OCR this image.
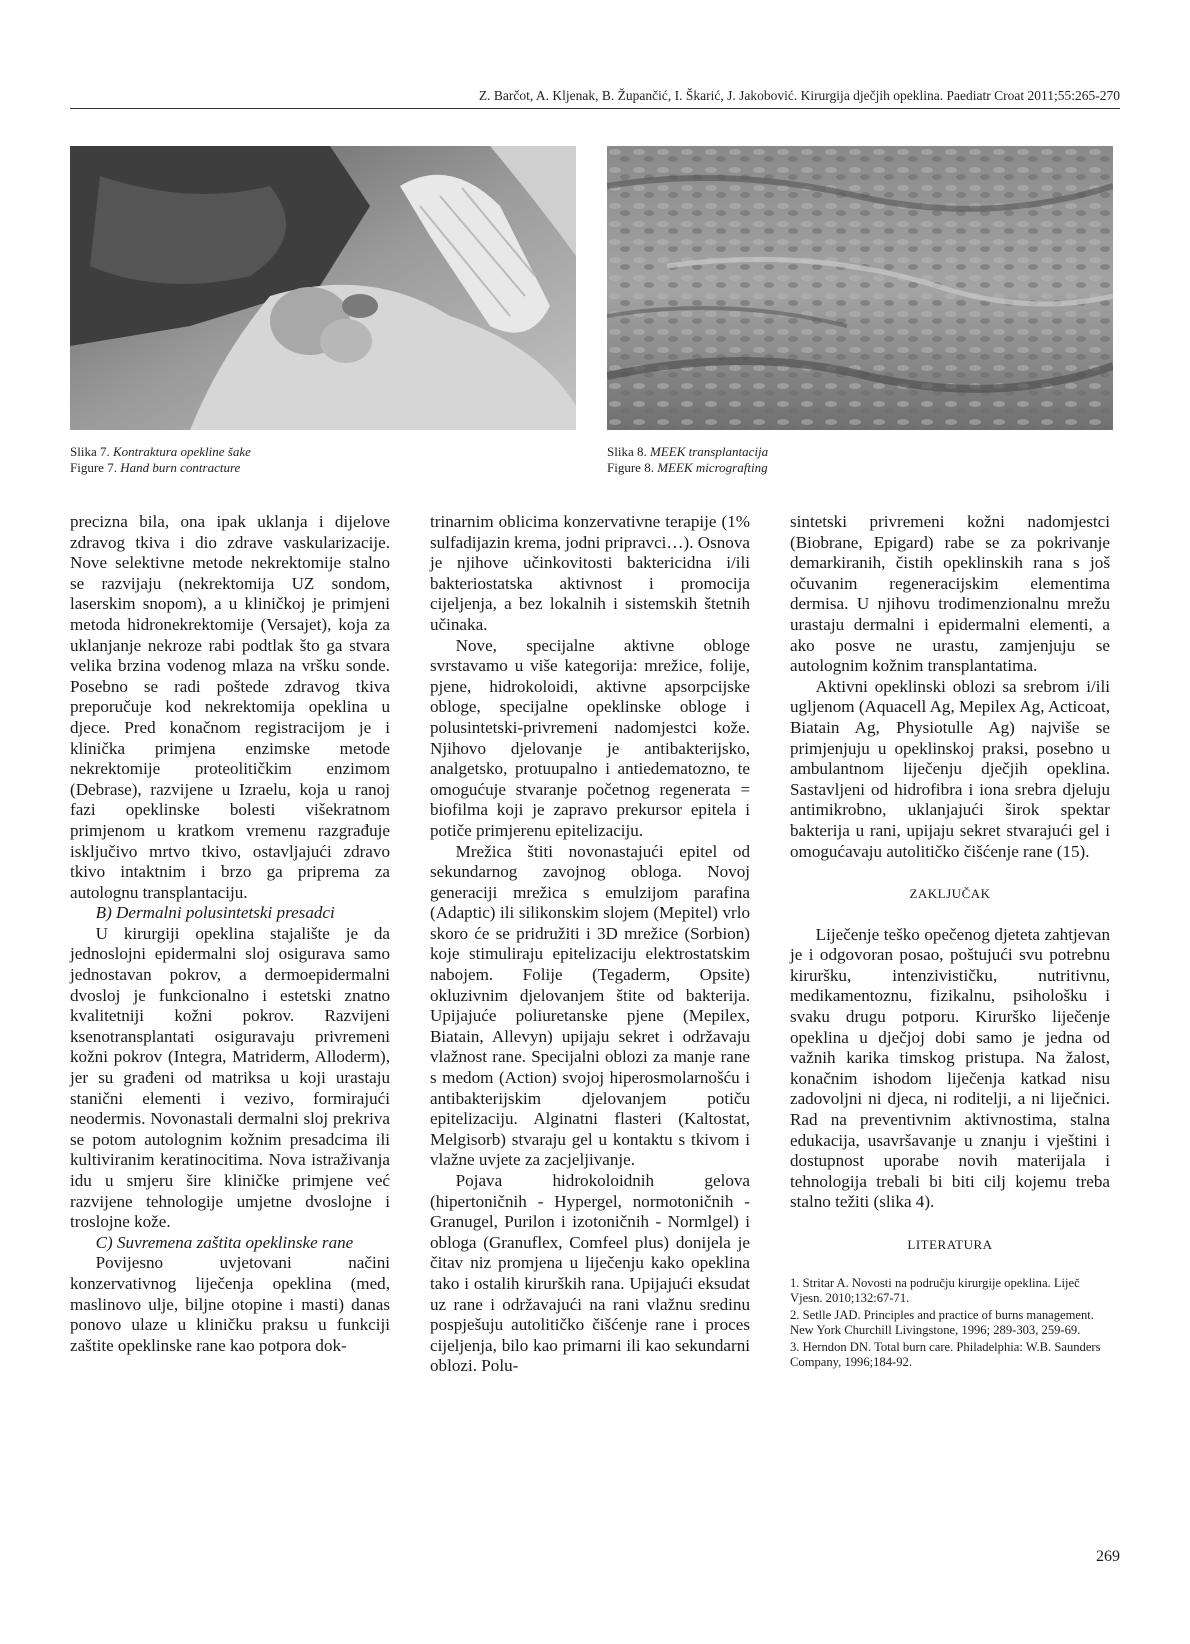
Z. Barčot, A. Kljenak, B. Župančić, I. Škarić, J. Jakobović. Kirurgija dječjih opeklina. Paediatr Croat 2011;55:265-270
Slika 7. Kontraktura opekline šake
Figure 7. Hand burn contracture
Slika 8. MEEK transplantacija
Figure 8. MEEK micrografting

precizna bila, ona ipak uklanja i dijelove zdravog tkiva i dio zdrave vaskularizacije. Nove selektivne metode nekrektomije stalno se razvijaju (nekrektomija UZ sondom, laserskim snopom), a u kliničkoj je primjeni metoda hidronekrektomije (Versajet), koja za uklanjanje nekroze rabi podtlak što ga stvara velika brzina vodenog mlaza na vršku sonde. Posebno se radi poštede zdravog tkiva preporučuje kod nekrektomija opeklina u djece. Pred konačnom registracijom je i klinička primjena enzimske metode nekrektomije proteolitičkim enzimom (Debrase), razvijene u Izraelu, koja u ranoj fazi opeklinske bolesti višekratnom primjenom u kratkom vremenu razgrađuje isključivo mrtvo tkivo, ostavljajući zdravo tkivo intaktnim i brzo ga priprema za autolognu transplantaciju.

B) Dermalni polusintetski presadci

U kirurgiji opeklina stajalište je da jednoslojni epidermalni sloj osigurava samo jednostavan pokrov, a dermoepidermalni dvosloj je funkcionalno i estetski znatno kvalitetniji kožni pokrov. Razvijeni ksenotransplantati osiguravaju privremeni kožni pokrov (Integra, Matriderm, Alloderm), jer su građeni od matriksa u koji urastaju stanični elementi i vezivo, formirajući neodermis. Novonastali dermalni sloj prekriva se potom autolognim kožnim presadcima ili kultiviranim keratinocitima. Nova istraživanja idu u smjeru šire kliničke primjene već razvijene tehnologije umjetne dvoslojne i troslojne kože.

C) Suvremena zaštita opeklinske rane

Povijesno uvjetovani načini konzervativnog liječenja opeklina (med, maslinovo ulje, biljne otopine i masti) danas ponovo ulaze u kliničku praksu u funkciji zaštite opeklinske rane kao potpora dok-

trinarnim oblicima konzervativne terapije (1% sulfadijazin krema, jodni pripravci…). Osnova je njihove učinkovitosti baktericidna i/ili bakteriostatska aktivnost i promocija cijeljenja, a bez lokalnih i sistemskih štetnih učinaka.

Nove, specijalne aktivne obloge svrstavamo u više kategorija: mrežice, folije, pjene, hidrokoloidi, aktivne apsorpcijske obloge, specijalne opeklinske obloge i polusintetski-privremeni nadomjestci kože. Njihovo djelovanje je antibakterijsko, analgetsko, protuupalno i antiedematozno, te omogućuje stvaranje početnog regenerata = biofilma koji je zapravo prekursor epitela i potiče primjerenu epitelizaciju.

Mrežica štiti novonastajući epitel od sekundarnog zavojnog obloga. Novoj generaciji mrežica s emulzijom parafina (Adaptic) ili silikonskim slojem (Mepitel) vrlo skoro će se pridružiti i 3D mrežice (Sorbion) koje stimuliraju epitelizaciju elektrostatskim nabojem. Folije (Tegaderm, Opsite) okluzivnim djelovanjem štite od bakterija. Upijajuće poliuretanske pjene (Mepilex, Biatain, Allevyn) upijaju sekret i održavaju vlažnost rane. Specijalni oblozi za manje rane s medom (Action) svojoj hiperosmolarnošću i antibakterijskim djelovanjem potiču epitelizaciju. Alginatni flasteri (Kaltostat, Melgisorb) stvaraju gel u kontaktu s tkivom i vlažne uvjete za zacjeljivanje.

Pojava hidrokoloidnih gelova (hipertoničnih - Hypergel, normotoničnih - Granugel, Purilon i izotoničnih - Normlgel) i obloga (Granuflex, Comfeel plus) donijela je čitav niz promjena u liječenju kako opeklina tako i ostalih kirurških rana. Upijajući eksudat uz rane i održavajući na rani vlažnu sredinu pospješuju autolitičko čišćenje rane i proces cijeljenja, bilo kao primarni ili kao sekundarni oblozi. Polu-

sintetski privremeni kožni nadomjestci (Biobrane, Epigard) rabe se za pokrivanje demarkiranih, čistih opeklinskih rana s još očuvanim regeneracijskim elementima dermisa. U njihovu trodimenzionalnu mrežu urastaju dermalni i epidermalni elementi, a ako posve ne urastu, zamjenjuju se autolognim kožnim transplantatima.

Aktivni opeklinski oblozi sa srebrom i/ili ugljenom (Aquacell Ag, Mepilex Ag, Acticoat, Biatain Ag, Physiotulle Ag) najviše se primjenjuju u opeklinskoj praksi, posebno u ambulantnom liječenju dječjih opeklina. Sastavljeni od hidrofibra i iona srebra djeluju antimikrobno, uklanjajući širok spektar bakterija u rani, upijaju sekret stvarajući gel i omogućavaju autolitičko čišćenje rane (15).

ZAKLJUČAK

Liječenje teško opečenog djeteta zahtjevan je i odgovoran posao, poštujući svu potrebnu kiruršku, intenzivističku, nutritivnu, medikamentoznu, fizikalnu, psihološku i svaku drugu potporu. Kirurško liječenje opeklina u dječjoj dobi samo je jedna od važnih karika timskog pristupa. Na žalost, konačnim ishodom liječenja katkad nisu zadovoljni ni djeca, ni roditelji, a ni liječnici. Rad na preventivnim aktivnostima, stalna edukacija, usavršavanje u znanju i vještini i dostupnost uporabe novih materijala i tehnologija trebali bi biti cilj kojemu treba stalno težiti (slika 4).

LITERATURA
1. Stritar A. Novosti na području kirurgije opeklina. Liječ Vjesn. 2010;132:67-71.
2. Setlle JAD. Principles and practice of burns management. New York Churchill Livingstone, 1996; 289-303, 259-69.
3. Herndon DN. Total burn care. Philadelphia: W.B. Saunders Company, 1996;184-92.
269
